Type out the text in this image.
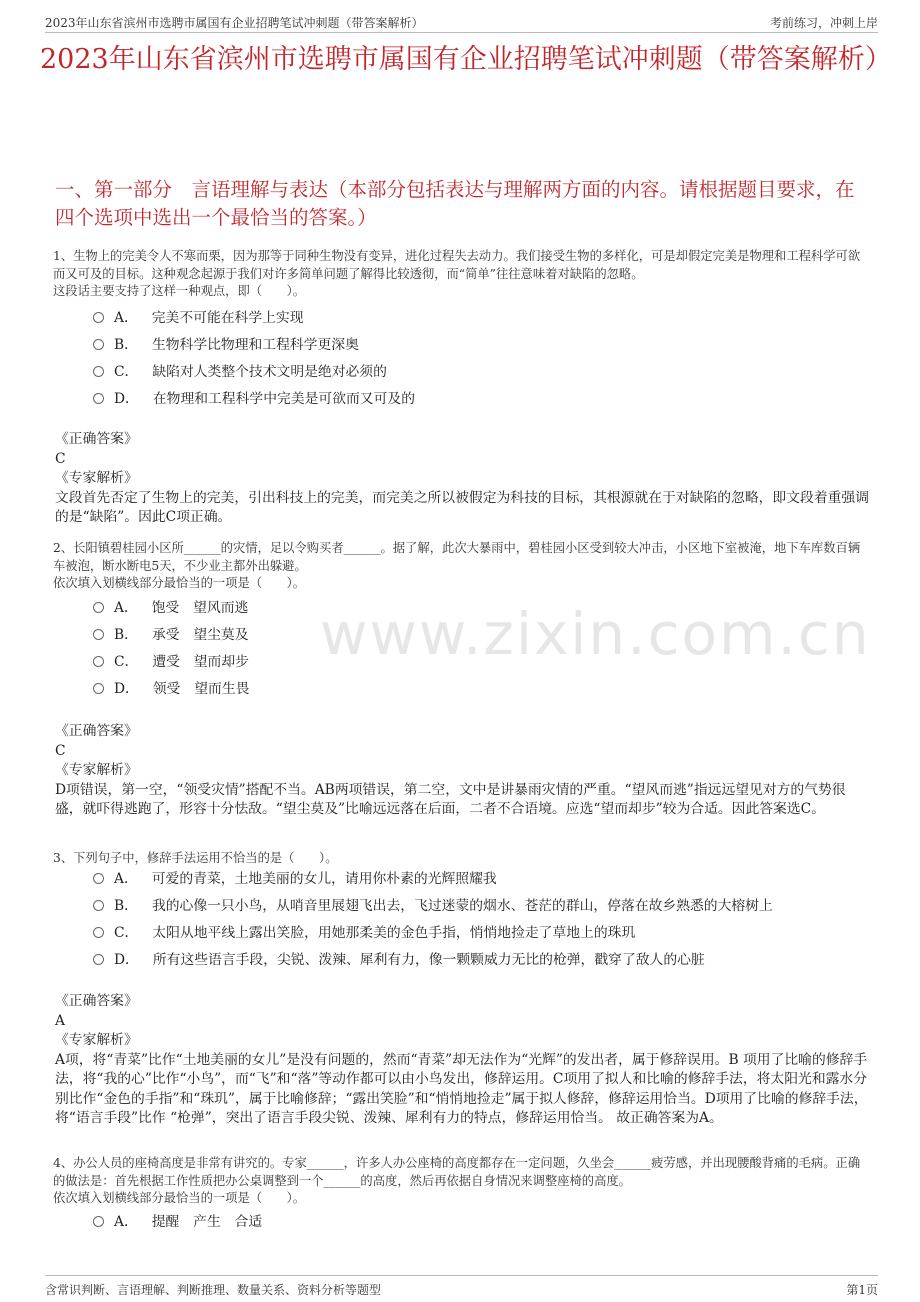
2023年山东省滨州市选聘市属国有企业招聘笔试冲刺题（带答案解析）	考前练习，冲刺上岸
2023年山东省滨州市选聘市属国有企业招聘笔试冲刺题（带答案解析）
一、第一部分　言语理解与表达（本部分包括表达与理解两方面的内容。请根据题目要求，在四个选项中选出一个最恰当的答案。）
www.zixin.com.cn

1、生物上的完美令人不寒而栗，因为那等于同种生物没有变异，进化过程失去动力。我们接受生物的多样化，可是却假定完美是物理和工程科学可欲而又可及的目标。这种观念起源于我们对许多简单问题了解得比较透彻，而“简单”往往意味着对缺陷的忽略。

这段话主要支持了这样一种观点，即（　　）。

A． 完美不可能在科学上实现
B． 生物科学比物理和工程科学更深奥
C． 缺陷对人类整个技术文明是绝对必须的
D． 在物理和工程科学中完美是可欲而又可及的

《正确答案》

C

《专家解析》

文段首先否定了生物上的完美，引出科技上的完美，而完美之所以被假定为科技的目标，其根源就在于对缺陷的忽略，即文段着重强调的是“缺陷”。因此C项正确。

2、长阳镇碧桂园小区所______的灾情，足以令购买者______。据了解，此次大暴雨中，碧桂园小区受到较大冲击，小区地下室被淹，地下车库数百辆车被泡，断水断电5天，不少业主都外出躲避。

依次填入划横线部分最恰当的一项是（　　）。

A． 饱受　望风而逃
B． 承受　望尘莫及
C． 遭受　望而却步
D． 领受　望而生畏

《正确答案》

C

《专家解析》

D项错误，第一空，“领受灾情”搭配不当。AB两项错误，第二空，文中是讲暴雨灾情的严重。“望风而逃”指远远望见对方的气势很盛，就吓得逃跑了，形容十分怯敌。“望尘莫及”比喻远远落在后面，二者不合语境。应选“望而却步”较为合适。因此答案选C。

3、下列句子中，修辞手法运用不恰当的是（　　）。

A． 可爱的青菜，土地美丽的女儿，请用你朴素的光辉照耀我
B． 我的心像一只小鸟，从哨音里展翅飞出去，飞过迷蒙的烟水、苍茫的群山，停落在故乡熟悉的大榕树上
C． 太阳从地平线上露出笑脸，用她那柔美的金色手指，悄悄地捡走了草地上的珠玑
D． 所有这些语言手段，尖锐、泼辣、犀利有力，像一颗颗威力无比的枪弹，戳穿了敌人的心脏

《正确答案》

A

《专家解析》

A项，将“青菜”比作“土地美丽的女儿”是没有问题的，然而“青菜”却无法作为“光辉”的发出者，属于修辞误用。B 项用了比喻的修辞手法，将“我的心”比作“小鸟”，而“飞”和“落”等动作都可以由小鸟发出，修辞运用。C项用了拟人和比喻的修辞手法，将太阳光和露水分 别比作“金色的手指”和“珠玑”，属于比喻修辞；“露出笑脸”和“悄悄地捡走”属于拟人修辞，修辞运用恰当。D项用了比喻的修辞手法，将“语言手段”比作 “枪弹”，突出了语言手段尖锐、泼辣、犀利有力的特点，修辞运用恰当。 故正确答案为A。

4、办公人员的座椅高度是非常有讲究的。专家______，许多人办公座椅的高度都存在一定问题，久坐会______疲劳感，并出现腰酸背痛的毛病。正确的做法是：首先根据工作性质把办公桌调整到一个______的高度，然后再依据自身情况来调整座椅的高度。

依次填入划横线部分最恰当的一项是（　　）。

A． 提醒　产生　合适
含常识判断、言语理解、判断推理、数量关系、资料分析等题型	第1页
